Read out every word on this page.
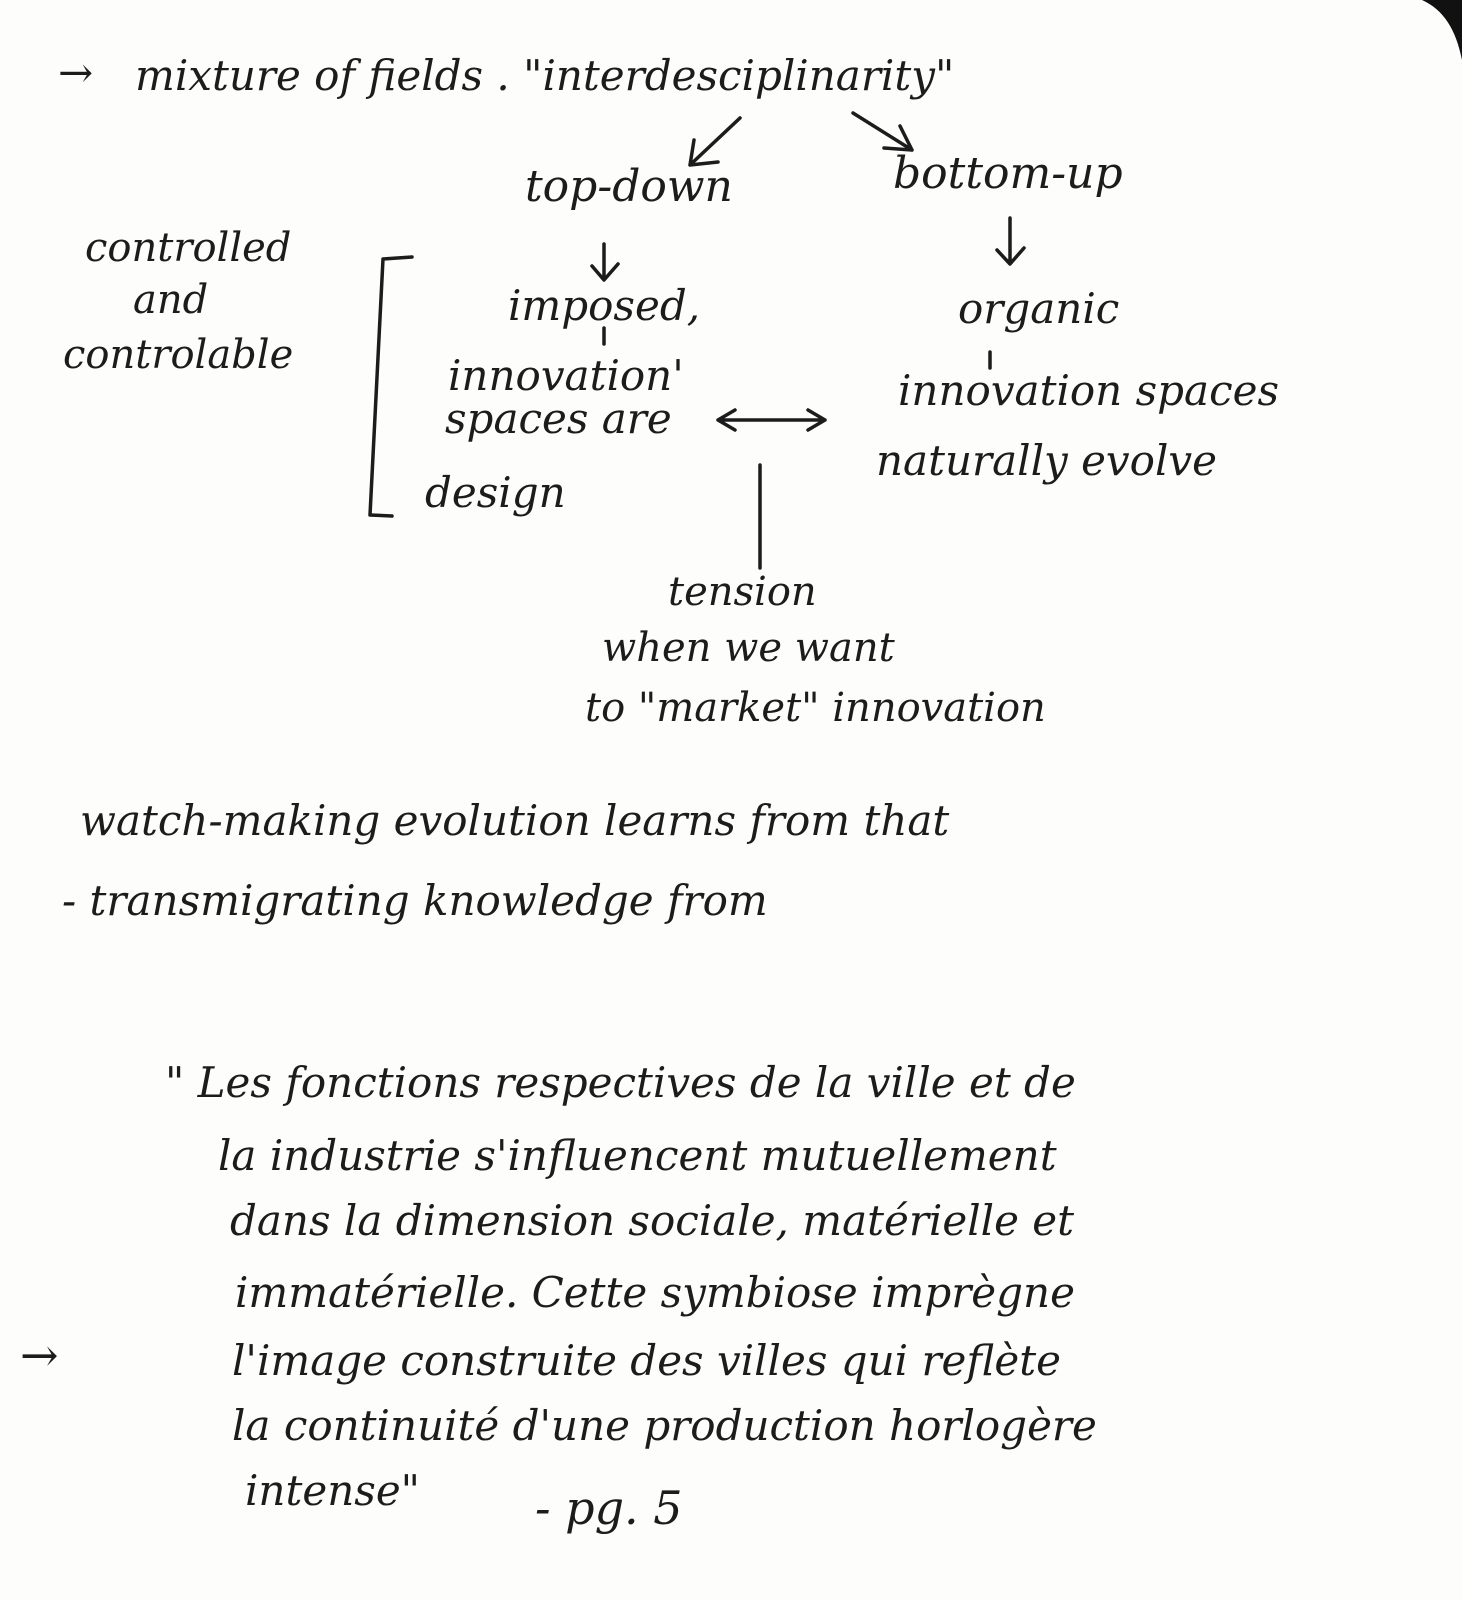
→ mixture of fields . "interdesciplinarity"
top-down	bottom-up
controlled
and
controlable
imposed,
innovation'
spaces are
design
organic
innovation spaces
naturally evolve
tension
when we want
to "market" innovation
watch-making evolution learns from that
- transmigrating knowledge from
" Les fonctions respectives de la ville et de
la industrie s'influencent mutuellement
dans la dimension sociale, matérielle et
immatérielle. Cette symbiose imprègne
l'image construite des villes qui reflète
la continuité d'une production horlogère
intense"	- pg. 5
→
